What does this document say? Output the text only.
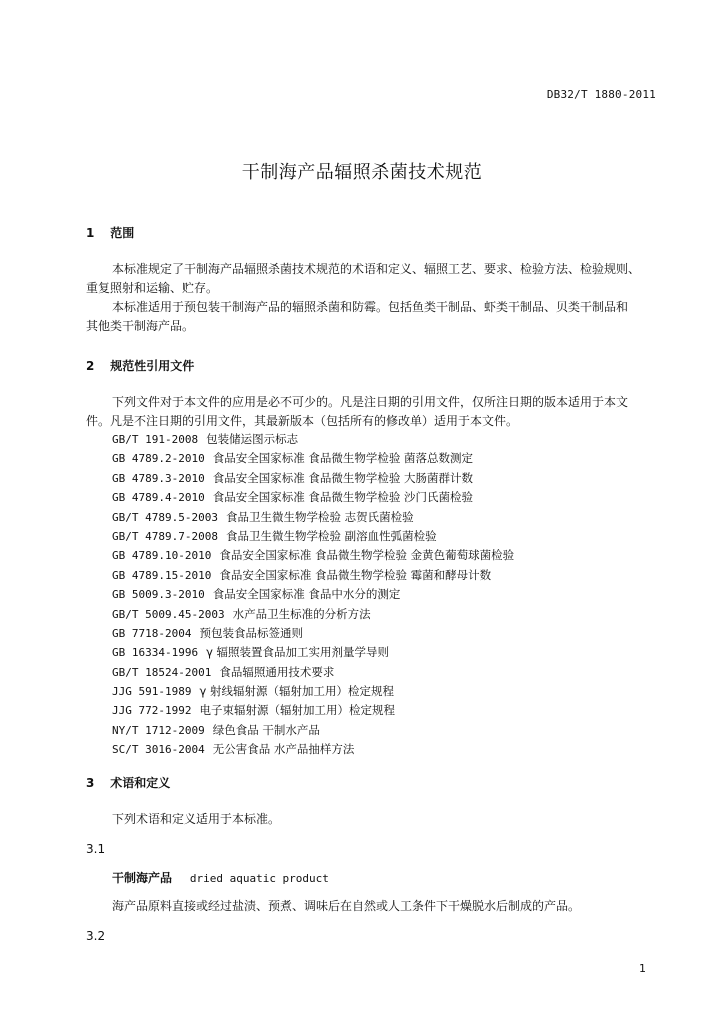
DB32/T 1880-2011
干制海产品辐照杀菌技术规范
1 范围
本标准规定了干制海产品辐照杀菌技术规范的术语和定义、辐照工艺、要求、检验方法、检验规则、
重复照射和运输、贮存。
本标准适用于预包装干制海产品的辐照杀菌和防霉。包括鱼类干制品、虾类干制品、贝类干制品和
其他类干制海产品。
2 规范性引用文件
下列文件对于本文件的应用是必不可少的。凡是注日期的引用文件，仅所注日期的版本适用于本文
件。凡是不注日期的引用文件，其最新版本（包括所有的修改单）适用于本文件。
GB/T 191-2008 包装储运图示标志
GB 4789.2-2010 食品安全国家标准 食品微生物学检验 菌落总数测定
GB 4789.3-2010 食品安全国家标准 食品微生物学检验 大肠菌群计数
GB 4789.4-2010 食品安全国家标准 食品微生物学检验 沙门氏菌检验
GB/T 4789.5-2003 食品卫生微生物学检验 志贺氏菌检验
GB/T 4789.7-2008 食品卫生微生物学检验 副溶血性弧菌检验
GB 4789.10-2010 食品安全国家标准 食品微生物学检验 金黄色葡萄球菌检验
GB 4789.15-2010 食品安全国家标准 食品微生物学检验 霉菌和酵母计数
GB 5009.3-2010 食品安全国家标准 食品中水分的测定
GB/T 5009.45-2003 水产品卫生标准的分析方法
GB 7718-2004 预包装食品标签通则
GB 16334-1996 γ 辐照装置食品加工实用剂量学导则
GB/T 18524-2001 食品辐照通用技术要求
JJG 591-1989 γ 射线辐射源（辐射加工用）检定规程
JJG 772-1992 电子束辐射源（辐射加工用）检定规程
NY/T 1712-2009 绿色食品 干制水产品
SC/T 3016-2004 无公害食品 水产品抽样方法
3 术语和定义
下列术语和定义适用于本标准。
3.1
干制海产品 dried aquatic product
海产品原料直接或经过盐渍、预煮、调味后在自然或人工条件下干燥脱水后制成的产品。
3.2
1
